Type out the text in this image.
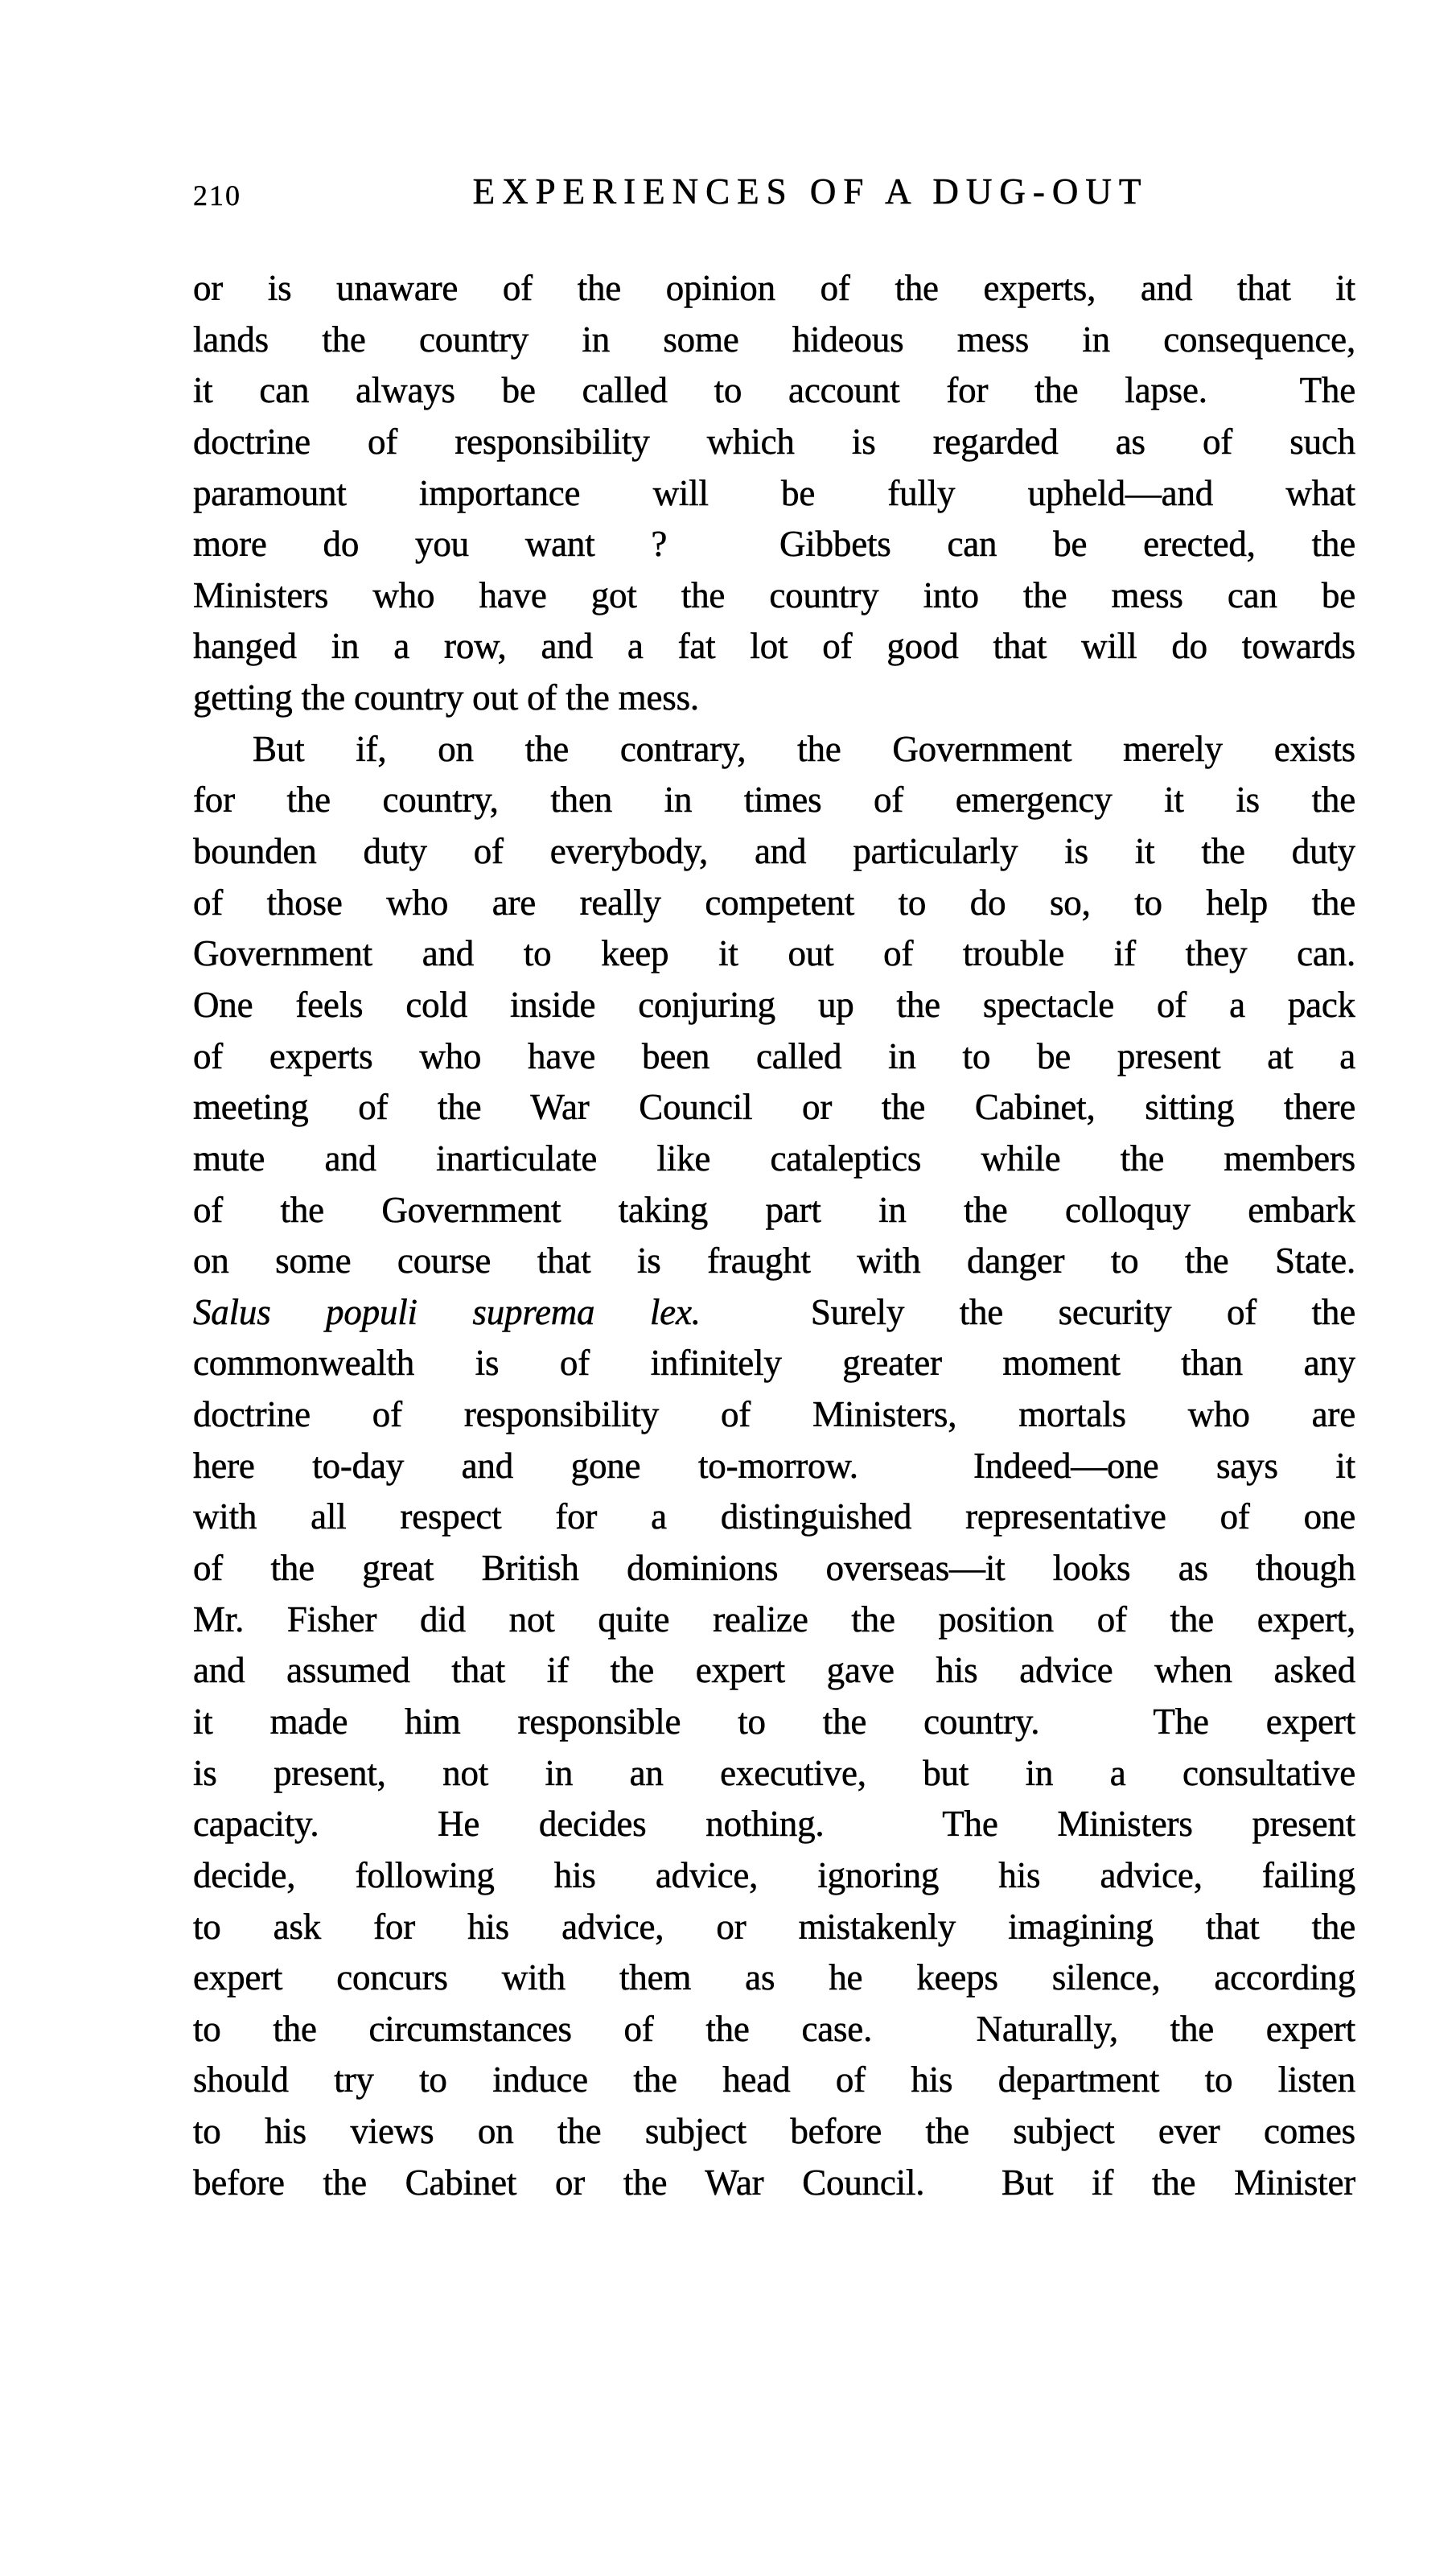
210	EXPERIENCES OF A DUG-OUT
or is unaware of the opinion of the experts, and that it
lands the country in some hideous mess in consequence,
it can always be called to account for the lapse.  The
doctrine of responsibility which is regarded as of such
paramount importance will be fully upheld—and what
more do you want ?  Gibbets can be erected, the
Ministers who have got the country into the mess can be
hanged in a row, and a fat lot of good that will do towards
getting the country out of the mess.
But if, on the contrary, the Government merely exists
for the country, then in times of emergency it is the
bounden duty of everybody, and particularly is it the duty
of those who are really competent to do so, to help the
Government and to keep it out of trouble if they can.
One feels cold inside conjuring up the spectacle of a pack
of experts who have been called in to be present at a
meeting of the War Council or the Cabinet, sitting there
mute and inarticulate like cataleptics while the members
of the Government taking part in the colloquy embark
on some course that is fraught with danger to the State.
Salus populi suprema lex.  Surely the security of the
commonwealth is of infinitely greater moment than any
doctrine of responsibility of Ministers, mortals who are
here to-day and gone to-morrow.  Indeed—one says it
with all respect for a distinguished representative of one
of the great British dominions overseas—it looks as though
Mr. Fisher did not quite realize the position of the expert,
and assumed that if the expert gave his advice when asked
it made him responsible to the country.  The expert
is present, not in an executive, but in a consultative
capacity.  He decides nothing.  The Ministers present
decide, following his advice, ignoring his advice, failing
to ask for his advice, or mistakenly imagining that the
expert concurs with them as he keeps silence, according
to the circumstances of the case.  Naturally, the expert
should try to induce the head of his department to listen
to his views on the subject before the subject ever comes
before the Cabinet or the War Council.  But if the Minister
